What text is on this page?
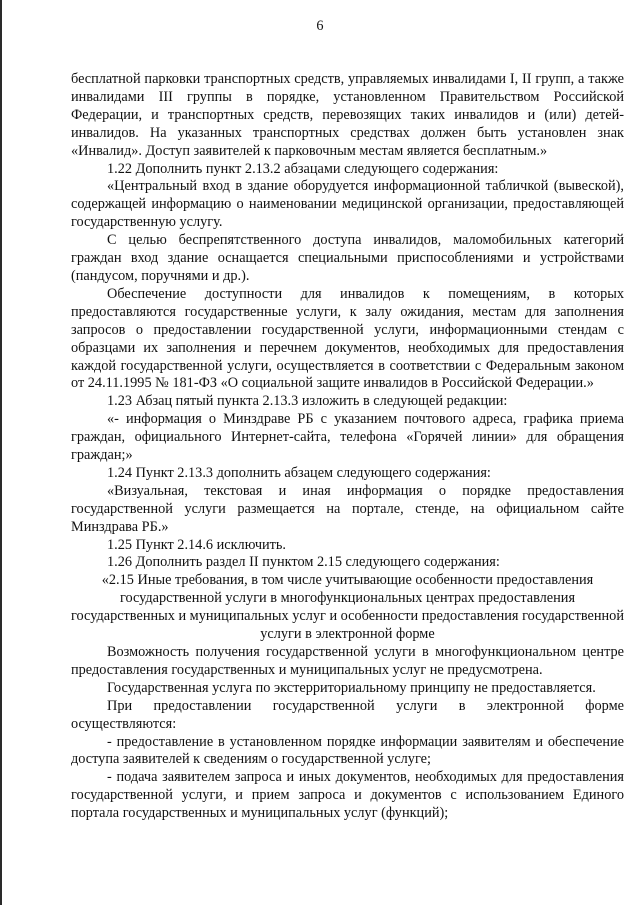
6

бесплатной парковки транспортных средств, управляемых инвалидами I, II групп, а также инвалидами III группы в порядке, установленном Правительством Российской Федерации, и транспортных средств, перевозящих таких инвалидов и (или) детей-инвалидов. На указанных транспортных средствах должен быть установлен знак «Инвалид». Доступ заявителей к парковочным местам является бесплатным.»

1.22 Дополнить пункт 2.13.2 абзацами следующего содержания:

«Центральный вход в здание оборудуется информационной табличкой (вывеской), содержащей информацию о наименовании медицинской организации, предоставляющей государственную услугу.

С целью беспрепятственного доступа инвалидов, маломобильных категорий граждан вход здание оснащается специальными приспособлениями и устройствами (пандусом, поручнями и др.).

Обеспечение доступности для инвалидов к помещениям, в которых предоставляются государственные услуги, к залу ожидания, местам для заполнения запросов о предоставлении государственной услуги, информационными стендам с образцами их заполнения и перечнем документов, необходимых для предоставления каждой государственной услуги, осуществляется в соответствии с Федеральным законом от 24.11.1995 № 181-ФЗ «О социальной защите инвалидов в Российской Федерации.»

1.23 Абзац пятый пункта 2.13.3 изложить в следующей редакции:

«- информация о Минздраве РБ с указанием почтового адреса, графика приема граждан, официального Интернет-сайта, телефона «Горячей линии» для обращения граждан;»

1.24 Пункт 2.13.3 дополнить абзацем следующего содержания:

«Визуальная, текстовая и иная информация о порядке предоставления государственной услуги размещается на портале, стенде, на официальном сайте Минздрава РБ.»

1.25 Пункт 2.14.6 исключить.

1.26 Дополнить раздел II пунктом 2.15 следующего содержания:

«2.15 Иные требования, в том числе учитывающие особенности предоставления государственной услуги в многофункциональных центрах предоставления государственных и муниципальных услуг и особенности предоставления государственной услуги в электронной форме

Возможность получения государственной услуги в многофункциональном центре предоставления государственных и муниципальных услуг не предусмотрена.

Государственная услуга по экстерриториальному принципу не предоставляется.

При предоставлении государственной услуги в электронной форме осуществляются:

- предоставление в установленном порядке информации заявителям и обеспечение доступа заявителей к сведениям о государственной услуге;

- подача заявителем запроса и иных документов, необходимых для предоставления государственной услуги, и прием запроса и документов с использованием Единого портала государственных и муниципальных услуг (функций);
